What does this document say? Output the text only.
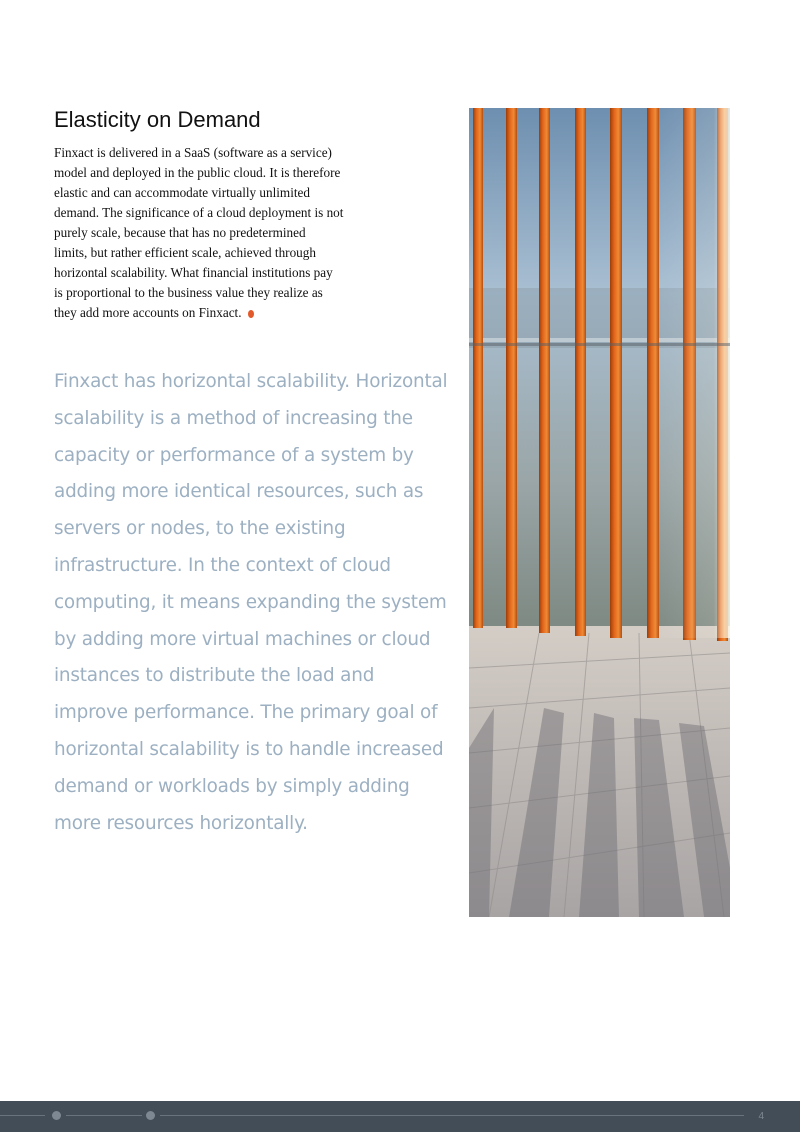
Elasticity on Demand

Finxact is delivered in a SaaS (software as a service)
model and deployed in the public cloud. It is therefore
elastic and can accommodate virtually unlimited
demand. The significance of a cloud deployment is not
purely scale, because that has no predetermined
limits, but rather efficient scale, achieved through
horizontal scalability. What financial institutions pay
is proportional to the business value they realize as
they add more accounts on Finxact.

Finxact has horizontal scalability. Horizontal
scalability is a method of increasing the
capacity or performance of a system by
adding more identical resources, such as
servers or nodes, to the existing
infrastructure. In the context of cloud
computing, it means expanding the system
by adding more virtual machines or cloud
instances to distribute the load and
improve performance. The primary goal of
horizontal scalability is to handle increased
demand or workloads by simply adding
more resources horizontally.

4
